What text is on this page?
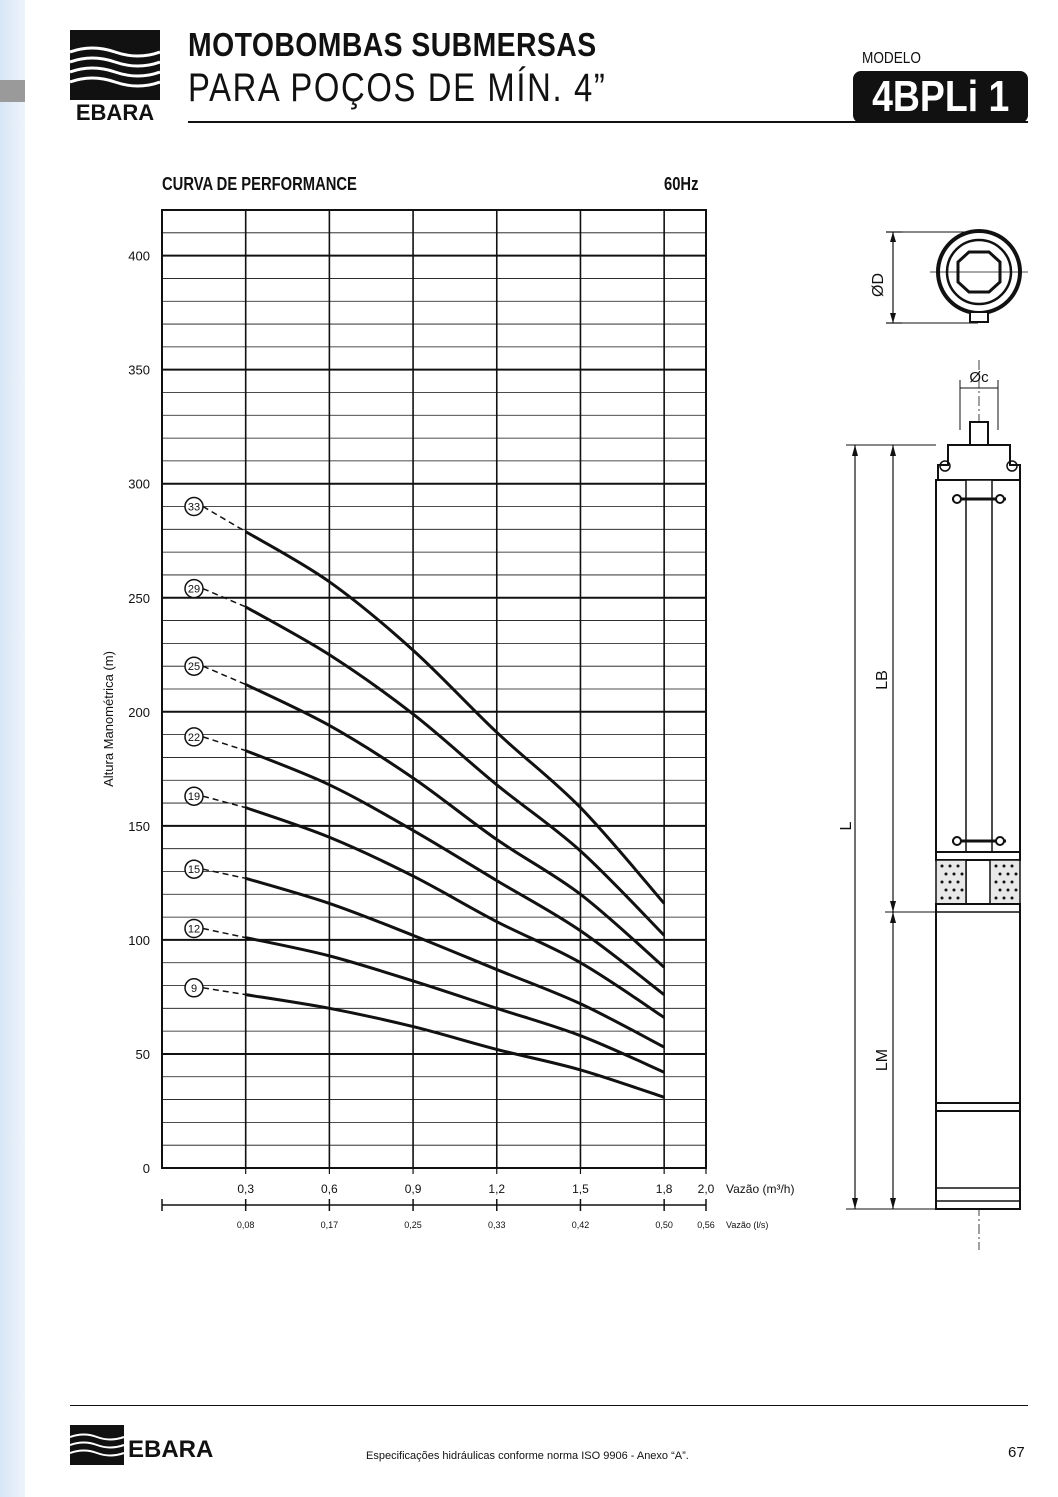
EBARA
MOTOBOMBAS SUBMERSAS
PARA POÇOS DE MÍN. 4”
MODELO
4BPLi 1
CURVA DE PERFORMANCE	60Hz
0
50
100
150
200
250
300
350
400
Altura Manométrica (m)
0,3	0,6	0,9	1,2	1,5	1,8 2,0 Vazão (m³/h)
0,08	0,17	0,25	0,33	0,42	0,50	0,56 Vazão (l/s)
33
29
25
22
19
15
12
9
ØD
Øc
L
LB
LM
EBARA	Especificações hidráulicas conforme norma ISO 9906 - Anexo “A”.	67
